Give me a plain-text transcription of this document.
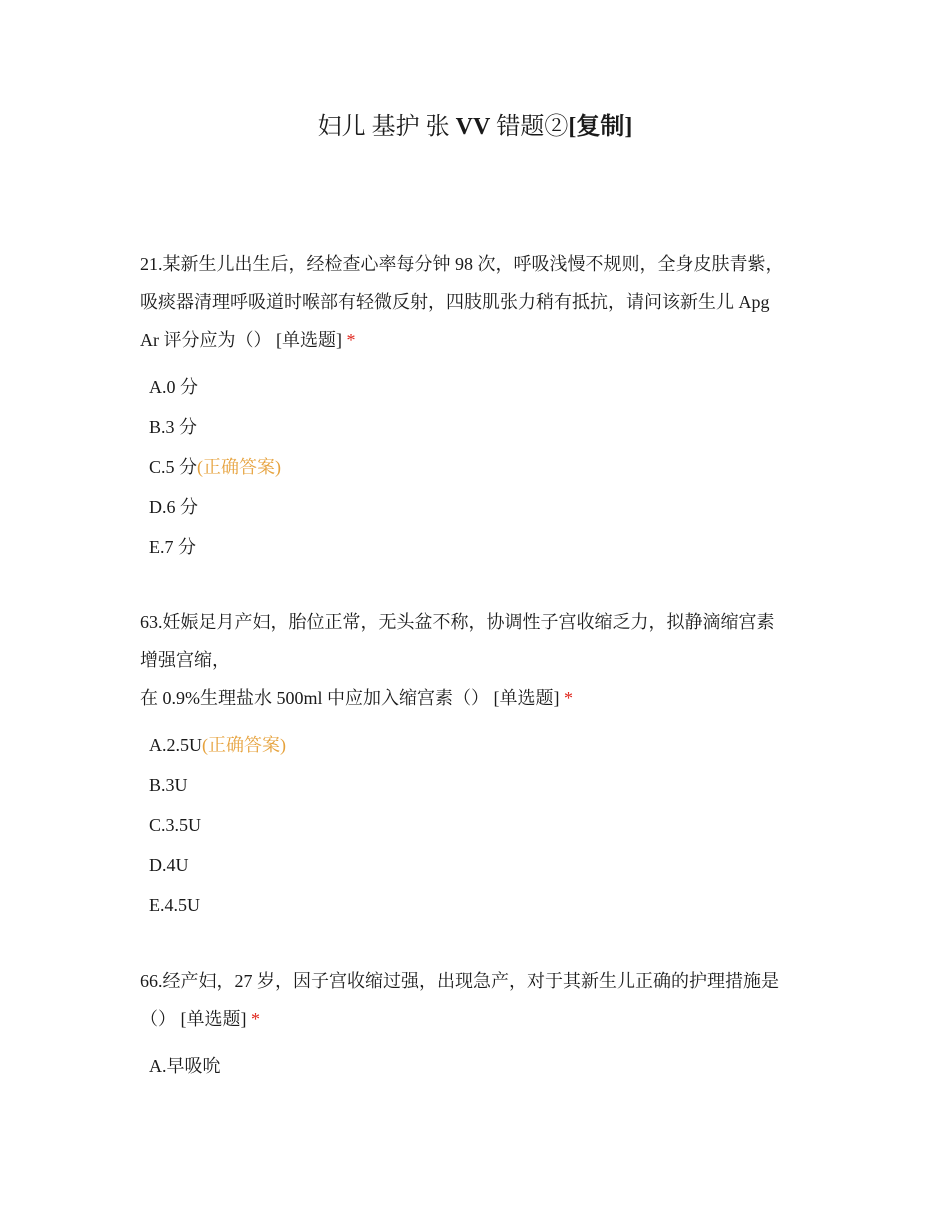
妇儿 基护 张 VV 错题②[复制]

21.某新生儿出生后，经检查心率每分钟 98 次，呼吸浅慢不规则，全身皮肤青紫，
吸痰器清理呼吸道时喉部有轻微反射，四肢肌张力稍有抵抗，请问该新生儿 Apg
Ar 评分应为（） [单选题] *

A.0 分
B.3 分
C.5 分(正确答案)
D.6 分
E.7 分

63.妊娠足月产妇，胎位正常，无头盆不称，协调性子宫收缩乏力，拟静滴缩宫素
增强宫缩，
在 0.9%生理盐水 500ml 中应加入缩宫素（） [单选题] *

A.2.5U(正确答案)
B.3U
C.3.5U
D.4U
E.4.5U

66.经产妇，27 岁，因子宫收缩过强，出现急产，对于其新生儿正确的护理措施是
（） [单选题] *

A.早吸吮
